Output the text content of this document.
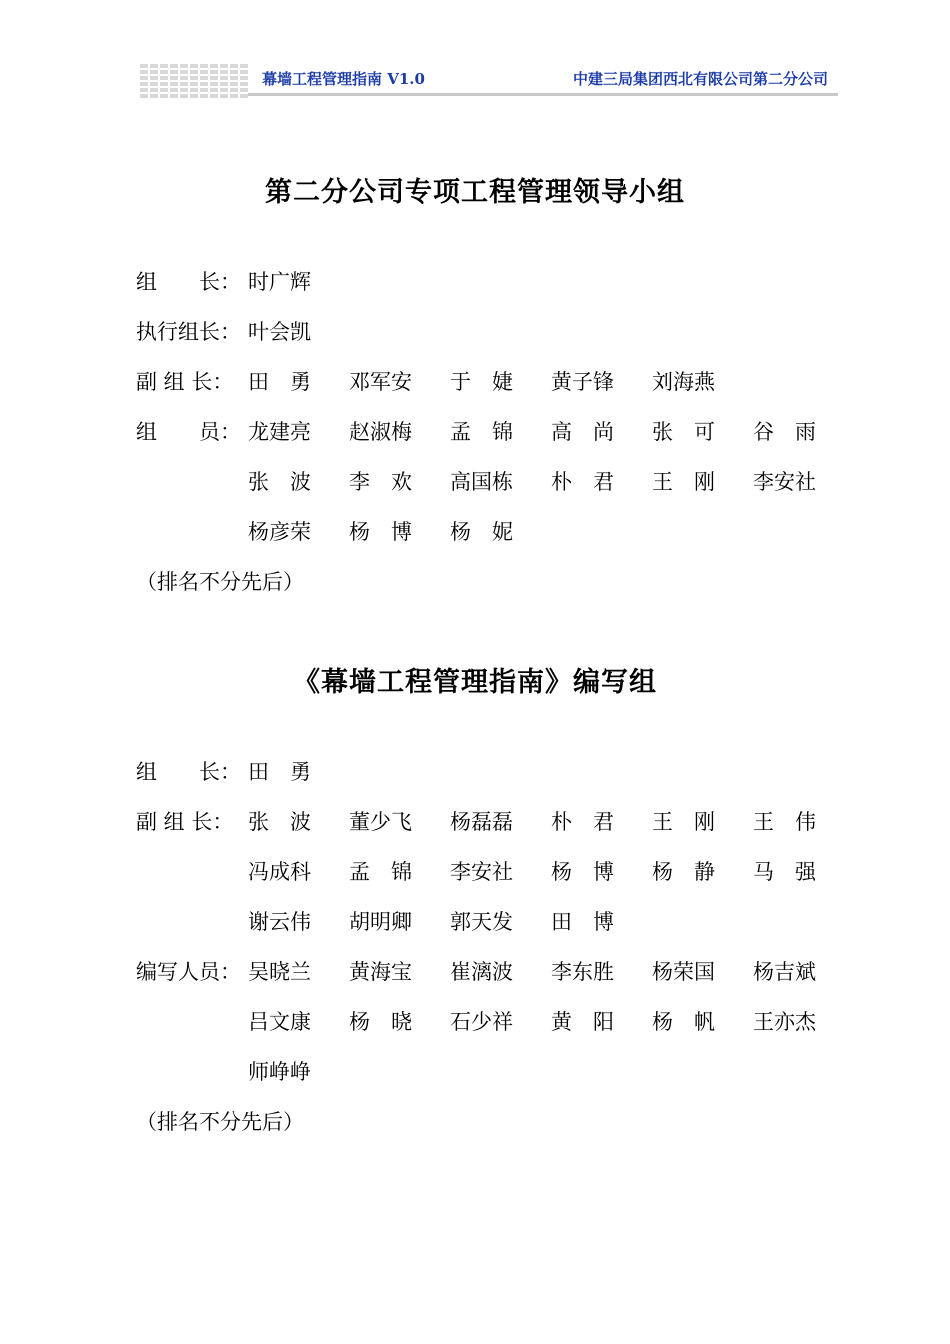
幕墙工程管理指南 V1.0	中建三局集团西北有限公司第二分公司
第二分公司专项工程管理领导小组
组　　长： 时广辉
执行组长： 叶会凯
副 组 长： 田　勇 邓军安 于　婕 黄子锋 刘海燕
组　　员： 龙建亮 赵淑梅 孟　锦 高　尚 张　可 谷　雨
张　波 李　欢 高国栋 朴　君 王　刚 李安社
杨彦荣 杨　博 杨　妮
（排名不分先后）
《幕墙工程管理指南》编写组
组　　长： 田　勇
副 组 长： 张　波 董少飞 杨磊磊 朴　君 王　刚 王　伟
冯成科 孟　锦 李安社 杨　博 杨　静 马　强
谢云伟 胡明卿 郭天发 田　博
编写人员： 吴晓兰 黄海宝 崔漓波 李东胜 杨荣国 杨吉斌
吕文康 杨　晓 石少祥 黄　阳 杨　帆 王亦杰
师峥峥
（排名不分先后）
